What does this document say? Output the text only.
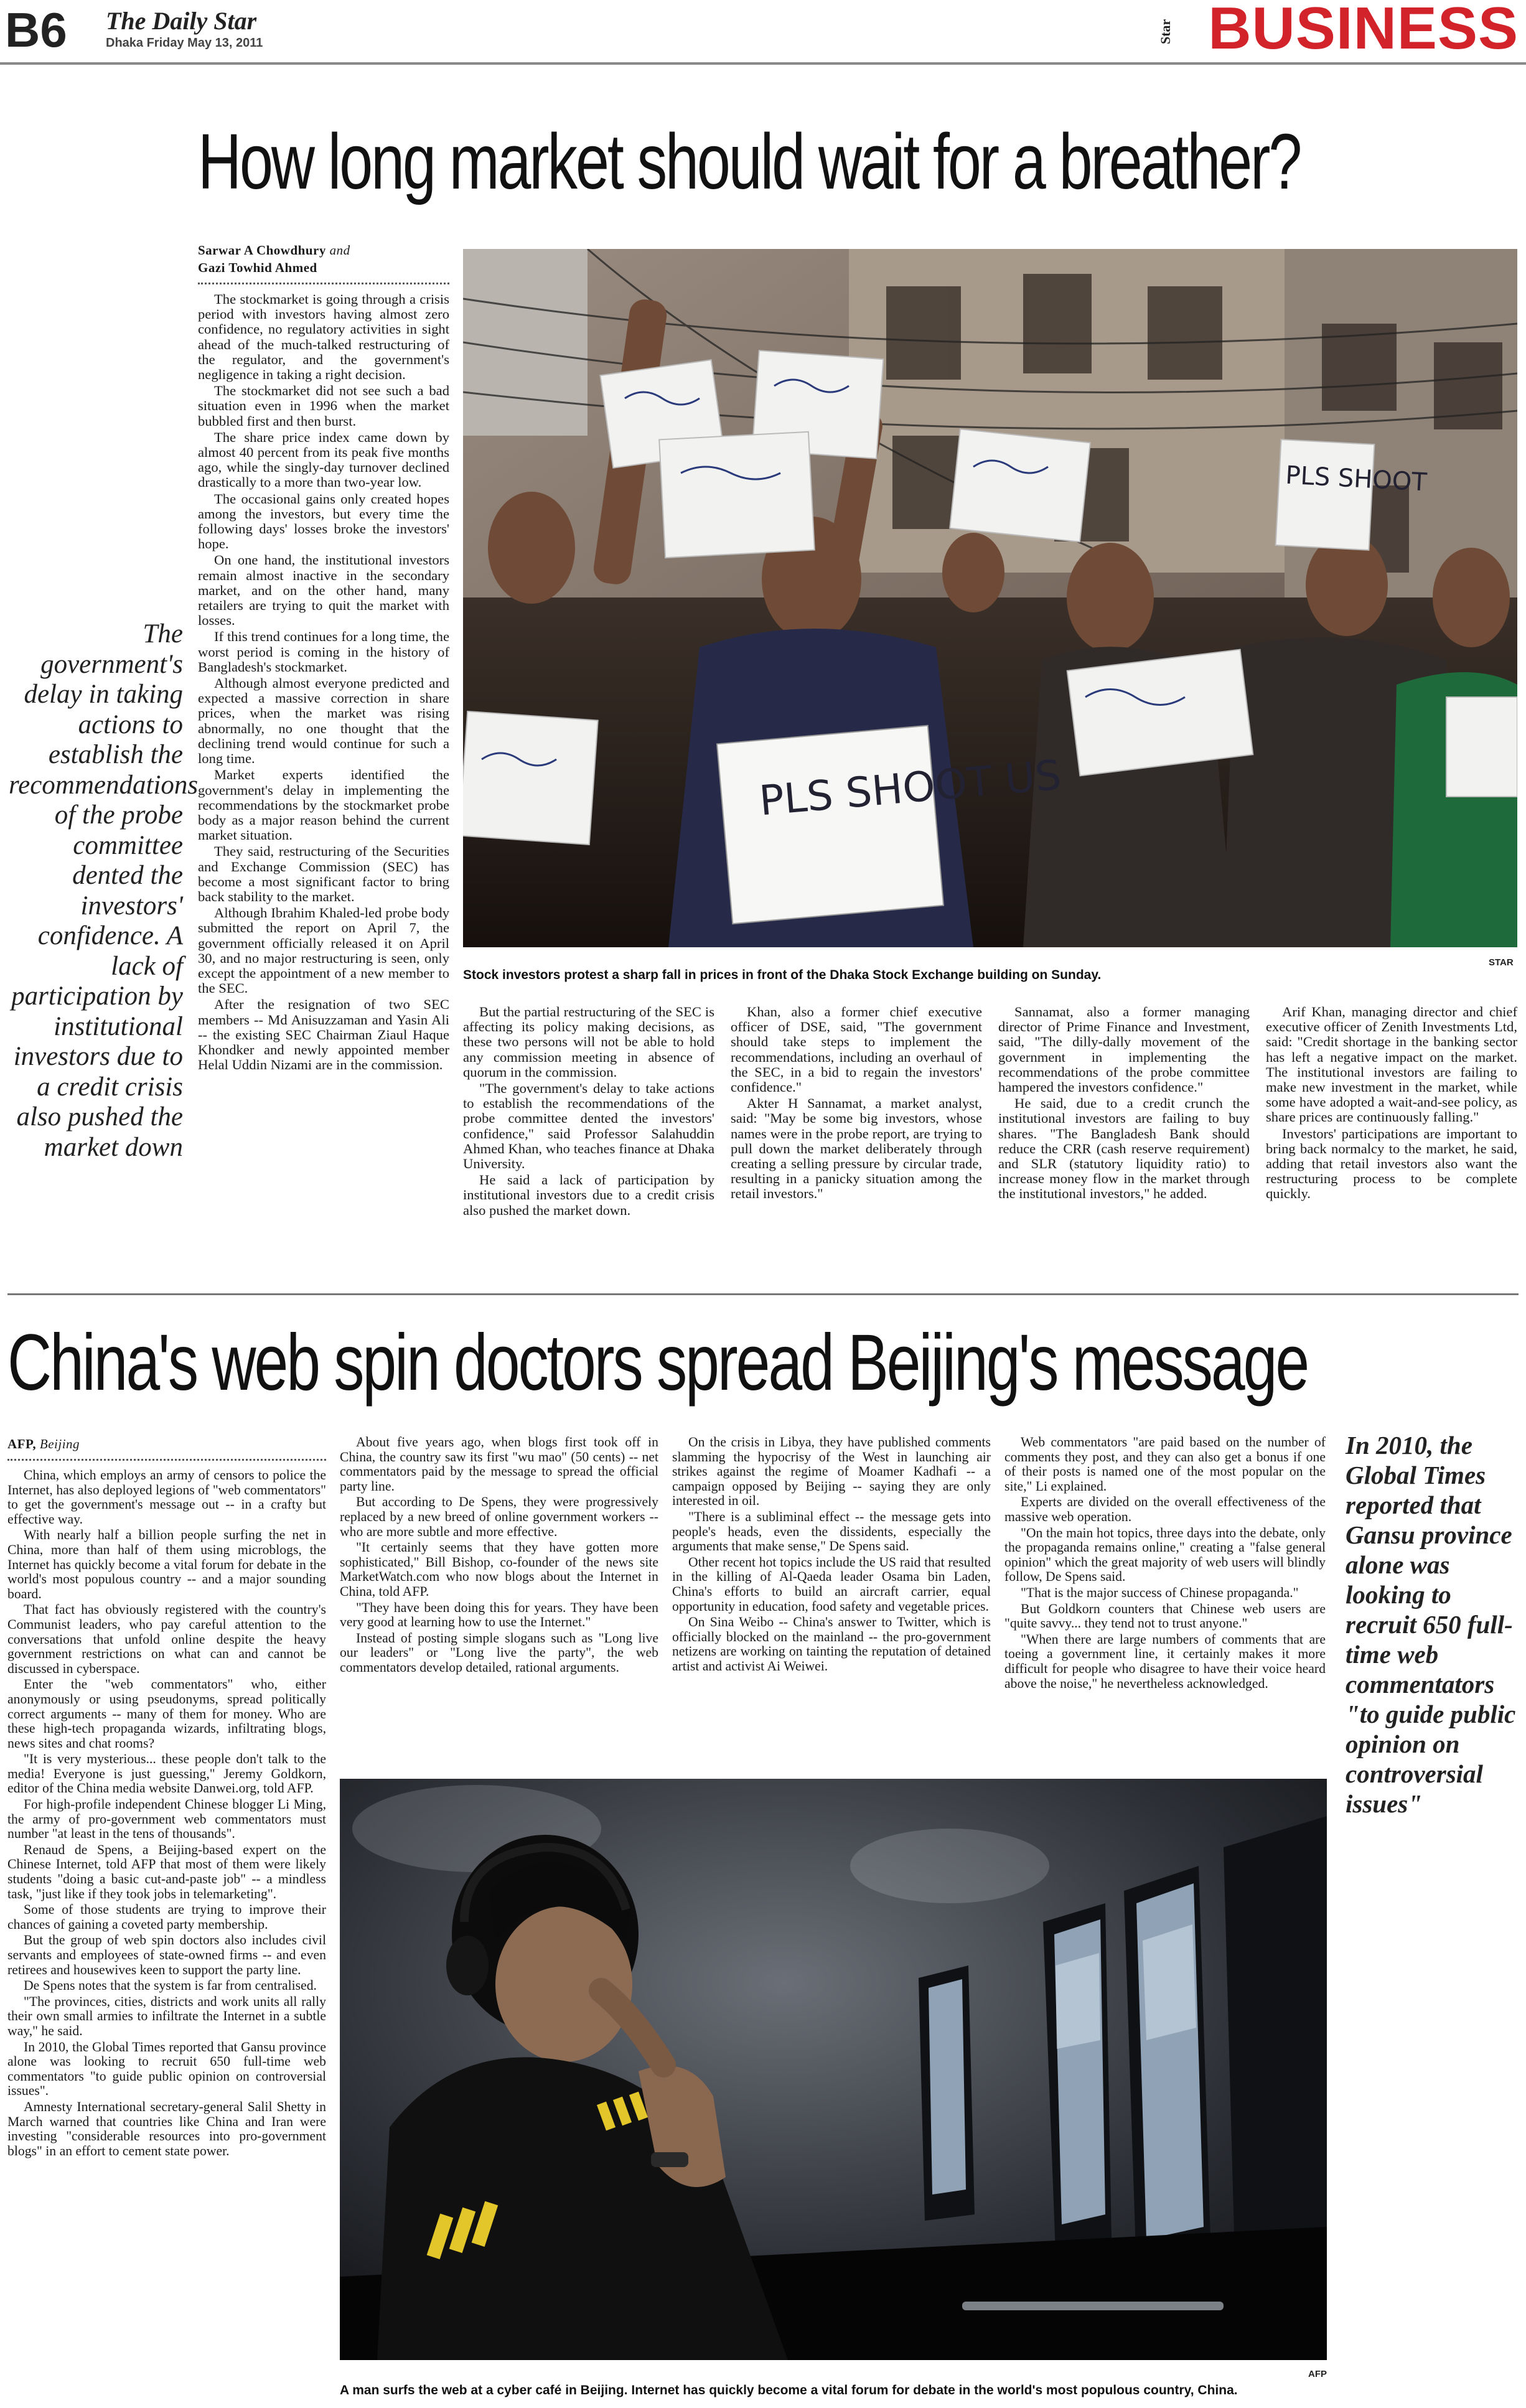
B6 The Daily Star
Dhaka Friday May 13, 2011	Star BUSINESS
How long market should wait for a breather?
The government's delay in taking actions to establish the recommendations of the probe committee dented the investors' confidence. A lack of participation by institutional investors due to a credit crisis also pushed the market down
Sarwar A Chowdhury and
Gazi Towhid Ahmed

The stockmarket is going through a crisis period with investors having almost zero confidence, no regulatory activities in sight ahead of the much-talked restructuring of the regulator, and the government's negligence in taking a right decision.

The stockmarket did not see such a bad situation even in 1996 when the market bubbled first and then burst.

The share price index came down by almost 40 percent from its peak five months ago, while the singly-day turnover declined drastically to a more than two-year low.

The occasional gains only created hopes among the investors, but every time the following days' losses broke the investors' hope.

On one hand, the institutional investors remain almost inactive in the secondary market, and on the other hand, many retailers are trying to quit the market with losses.

If this trend continues for a long time, the worst period is coming in the history of Bangladesh's stockmarket.

Although almost everyone predicted and expected a massive correction in share prices, when the market was rising abnormally, no one thought that the declining trend would continue for such a long time.

Market experts identified the government's delay in implementing the recommendations by the stockmarket probe body as a major reason behind the current market situation.

They said, restructuring of the Securities and Exchange Commission (SEC) has become a most significant factor to bring back stability to the market.

Although Ibrahim Khaled-led probe body submitted the report on April 7, the government officially released it on April 30, and no major restructuring is seen, only except the appointment of a new member to the SEC.

After the resignation of two SEC members -- Md Anisuzzaman and Yasin Ali -- the existing SEC Chairman Ziaul Haque Khondker and newly appointed member Helal Uddin Nizami are in the commission.

PLS SHOOT US
PLS SHOOT
Stock investors protest a sharp fall in prices in front of the Dhaka Stock Exchange building on Sunday.
STAR

But the partial restructuring of the SEC is affecting its policy making decisions, as these two persons will not be able to hold any commission meeting in absence of quorum in the commission.

"The government's delay to take actions to establish the recommendations of the probe committee dented the investors' confidence," said Professor Salahuddin Ahmed Khan, who teaches finance at Dhaka University.

He said a lack of participation by institutional investors due to a credit crisis also pushed the market down.

Khan, also a former chief executive officer of DSE, said, "The government should take steps to implement the recommendations, including an overhaul of the SEC, in a bid to regain the investors' confidence."

Akter H Sannamat, a market analyst, said: "May be some big investors, whose names were in the probe report, are trying to pull down the market deliberately through creating a selling pressure by circular trade, resulting in a panicky situation among the retail investors."

Sannamat, also a former managing director of Prime Finance and Investment, said, "The dilly-dally movement of the government in implementing the recommendations of the probe committee hampered the investors confidence."

He said, due to a credit crunch the institutional investors are failing to buy shares. "The Bangladesh Bank should reduce the CRR (cash reserve requirement) and SLR (statutory liquidity ratio) to increase money flow in the market through the institutional investors," he added.

Arif Khan, managing director and chief executive officer of Zenith Investments Ltd, said: "Credit shortage in the banking sector has left a negative impact on the market. The institutional investors are failing to make new investment in the market, while some have adopted a wait-and-see policy, as share prices are continuously falling."

Investors' participations are important to bring back normalcy to the market, he said, adding that retail investors also want the restructuring process to be complete quickly.

China's web spin doctors spread Beijing's message
AFP, Beijing

China, which employs an army of censors to police the Internet, has also deployed legions of "web commentators" to get the government's message out -- in a crafty but effective way.

With nearly half a billion people surfing the net in China, more than half of them using microblogs, the Internet has quickly become a vital forum for debate in the world's most populous country -- and a major sounding board.

That fact has obviously registered with the country's Communist leaders, who pay careful attention to the conversations that unfold online despite the heavy government restrictions on what can and cannot be discussed in cyberspace.

Enter the "web commentators" who, either anonymously or using pseudonyms, spread politically correct arguments -- many of them for money. Who are these high-tech propaganda wizards, infiltrating blogs, news sites and chat rooms?

"It is very mysterious... these people don't talk to the media! Everyone is just guessing," Jeremy Goldkorn, editor of the China media website Danwei.org, told AFP.

For high-profile independent Chinese blogger Li Ming, the army of pro-government web commentators must number "at least in the tens of thousands".

Renaud de Spens, a Beijing-based expert on the Chinese Internet, told AFP that most of them were likely students "doing a basic cut-and-paste job" -- a mindless task, "just like if they took jobs in telemarketing".

Some of those students are trying to improve their chances of gaining a coveted party membership.

But the group of web spin doctors also includes civil servants and employees of state-owned firms -- and even retirees and housewives keen to support the party line.

De Spens notes that the system is far from centralised.

"The provinces, cities, districts and work units all rally their own small armies to infiltrate the Internet in a subtle way," he said.

In 2010, the Global Times reported that Gansu province alone was looking to recruit 650 full-time web commentators "to guide public opinion on controversial issues".

Amnesty International secretary-general Salil Shetty in March warned that countries like China and Iran were investing "considerable resources into pro-government blogs" in an effort to cement state power.

About five years ago, when blogs first took off in China, the country saw its first "wu mao" (50 cents) -- net commentators paid by the message to spread the official party line.

But according to De Spens, they were progressively replaced by a new breed of online government workers -- who are more subtle and more effective.

"It certainly seems that they have gotten more sophisticated," Bill Bishop, co-founder of the news site MarketWatch.com who now blogs about the Internet in China, told AFP.

"They have been doing this for years. They have been very good at learning how to use the Internet."

Instead of posting simple slogans such as "Long live our leaders" or "Long live the party", the web commentators develop detailed, rational arguments.

On the crisis in Libya, they have published comments slamming the hypocrisy of the West in launching air strikes against the regime of Moamer Kadhafi -- a campaign opposed by Beijing -- saying they are only interested in oil.

"There is a subliminal effect -- the message gets into people's heads, even the dissidents, especially the arguments that make sense," De Spens said.

Other recent hot topics include the US raid that resulted in the killing of Al-Qaeda leader Osama bin Laden, China's efforts to build an aircraft carrier, equal opportunity in education, food safety and vegetable prices.

On Sina Weibo -- China's answer to Twitter, which is officially blocked on the mainland -- the pro-government netizens are working on tainting the reputation of detained artist and activist Ai Weiwei.

Web commentators "are paid based on the number of comments they post, and they can also get a bonus if one of their posts is named one of the most popular on the site," Li explained.

Experts are divided on the overall effectiveness of the massive web operation.

"On the main hot topics, three days into the debate, only the propaganda remains online," creating a "false general opinion" which the great majority of web users will blindly follow, De Spens said.

"That is the major success of Chinese propaganda."

But Goldkorn counters that Chinese web users are "quite savvy... they tend not to trust anyone."

"When there are large numbers of comments that are toeing a government line, it certainly makes it more difficult for people who disagree to have their voice heard above the noise," he nevertheless acknowledged.

In 2010, the Global Times reported that Gansu province alone was looking to recruit 650 full-time web commentators "to guide public opinion on controversial issues"
A man surfs the web at a cyber café in Beijing. Internet has quickly become a vital forum for debate in the world's most populous country, China.
AFP
